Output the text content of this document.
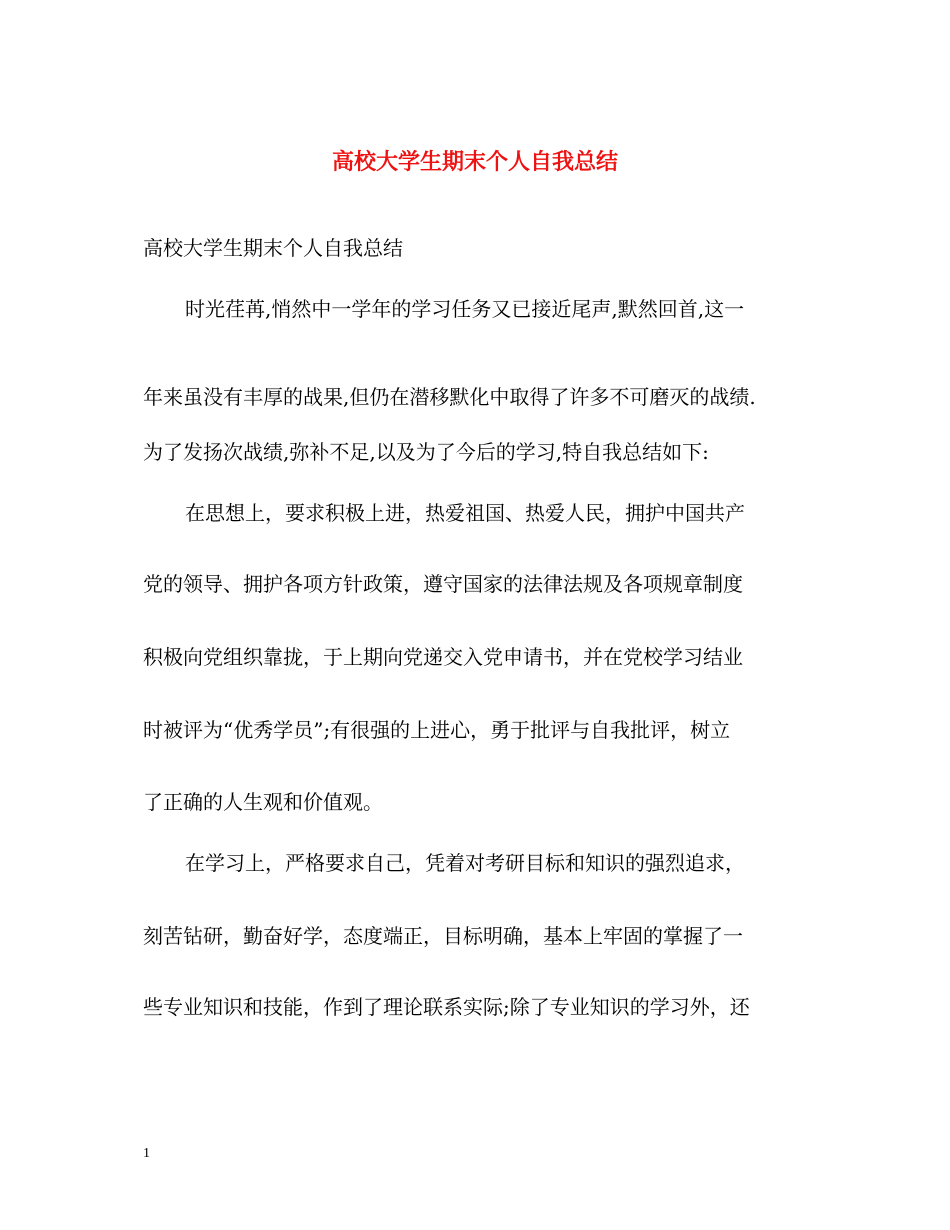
高校大学生期末个人自我总结
高校大学生期末个人自我总结
时光荏苒,悄然中一学年的学习任务又已接近尾声,默然回首,这一
年来虽没有丰厚的战果,但仍在潜移默化中取得了许多不可磨灭的战绩.
为了发扬次战绩,弥补不足,以及为了今后的学习,特自我总结如下:
在思想上，要求积极上进，热爱祖国、热爱人民，拥护中国共产
党的领导、拥护各项方针政策，遵守国家的法律法规及各项规章制度
积极向党组织靠拢，于上期向党递交入党申请书，并在党校学习结业
时被评为“优秀学员”;有很强的上进心，勇于批评与自我批评，树立
了正确的人生观和价值观。
在学习上，严格要求自己，凭着对考研目标和知识的强烈追求，
刻苦钻研，勤奋好学，态度端正，目标明确，基本上牢固的掌握了一
些专业知识和技能，作到了理论联系实际;除了专业知识的学习外，还
1
